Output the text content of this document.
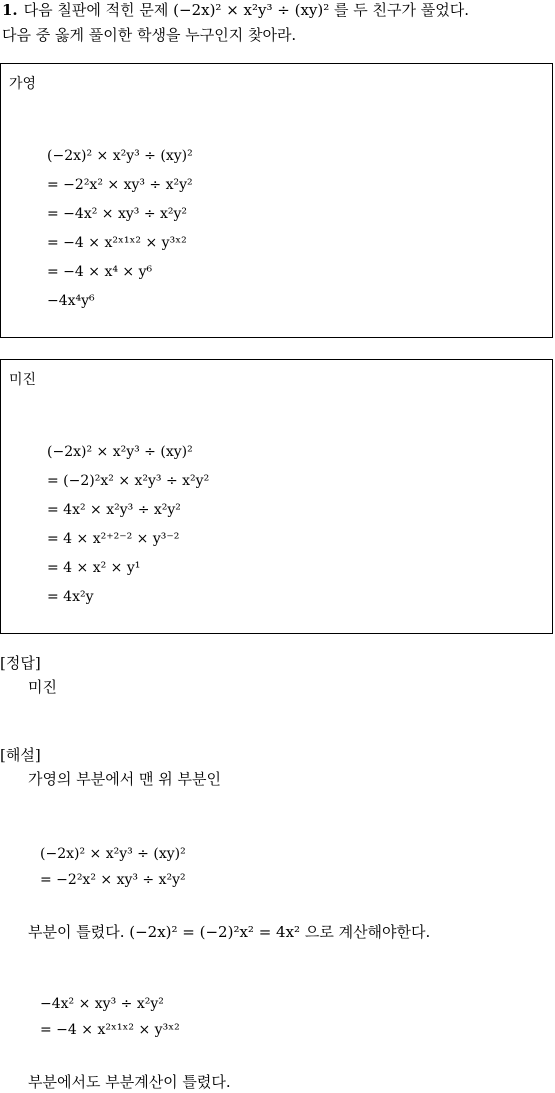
1. 다음 칠판에 적힌 문제 (−2x)² × x²y³ ÷ (xy)² 를 두 친구가 풀었다.
다음 중 옳게 풀이한 학생을 누구인지 찾아라.
가영
(−2x)² × x²y³ ÷ (xy)²
= −2²x² × xy³ ÷ x²y²
= −4x² × xy³ ÷ x²y²
= −4 × x²ˣ¹ˣ² × y³ˣ²
= −4 × x⁴ × y⁶
−4x⁴y⁶
미진
(−2x)² × x²y³ ÷ (xy)²
= (−2)²x² × x²y³ ÷ x²y²
= 4x² × x²y³ ÷ x²y²
= 4 × x²⁺²⁻² × y³⁻²
= 4 × x² × y¹
= 4x²y
[정답]
미진
[해설]
가영의 부분에서 맨 위 부분인
(−2x)² × x²y³ ÷ (xy)²
= −2²x² × xy³ ÷ x²y²
부분이 틀렸다. (−2x)² = (−2)²x² = 4x² 으로 계산해야한다.
−4x² × xy³ ÷ x²y²
= −4 × x²ˣ¹ˣ² × y³ˣ²
부분에서도 부분계산이 틀렸다.
